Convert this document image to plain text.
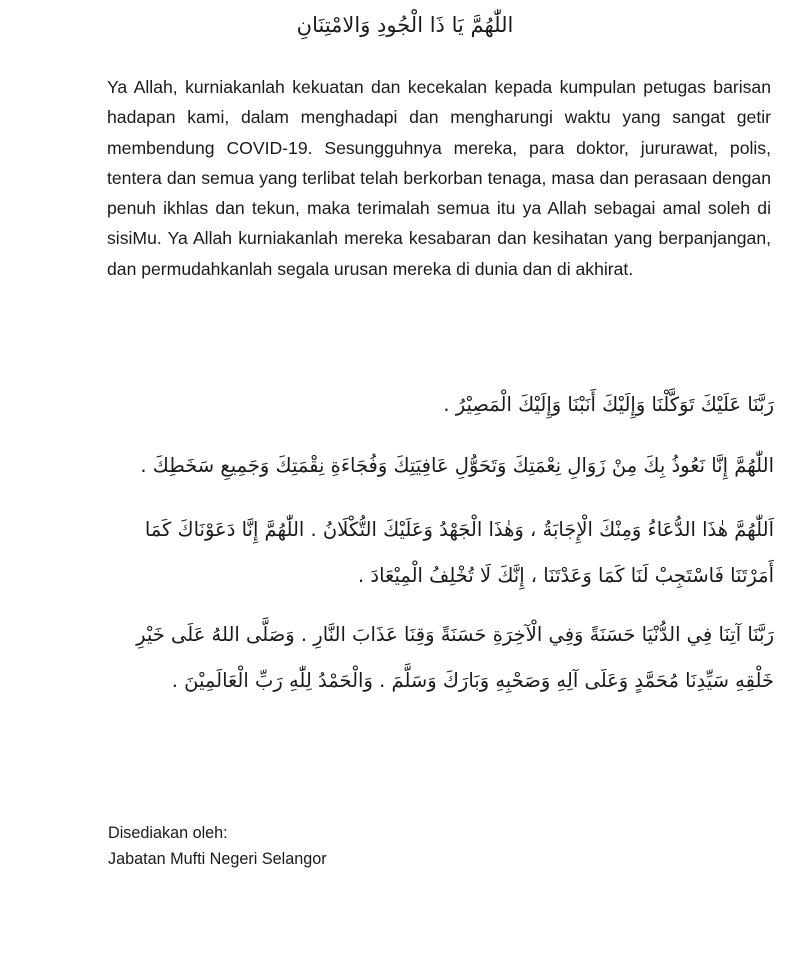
اللّٰهُمَّ يَا ذَا الْجُودِ وَالامْتِنَانِ

Ya Allah, kurniakanlah kekuatan dan kecekalan kepada kumpulan petugas barisan hadapan kami, dalam menghadapi dan mengharungi waktu yang sangat getir membendung COVID-19. Sesungguhnya mereka, para doktor, jururawat, polis, tentera dan semua yang terlibat telah berkorban tenaga, masa dan perasaan dengan penuh ikhlas dan tekun, maka terimalah semua itu ya Allah sebagai amal soleh di sisiMu. Ya Allah kurniakanlah mereka kesabaran dan kesihatan yang berpanjangan, dan permudahkanlah segala urusan mereka di dunia dan di akhirat.

رَبَّنَا عَلَيْكَ تَوَكَّلْنَا وَإِلَيْكَ أَنَبْنَا وَإِلَيْكَ الْمَصِيْرُ .
اللّٰهُمَّ إِنَّا نَعُوذُ بِكَ مِنْ زَوَالِ نِعْمَتِكَ وَتَحَوُّلِ عَافِيَتِكَ وَفُجَاءَةِ نِقْمَتِكَ وَجَمِيعِ سَخَطِكَ .
اَللّٰهُمَّ هٰذَا الدُّعَاءُ وَمِنْكَ الْإِجَابَةُ ، وَهٰذَا الْجَهْدُ وَعَلَيْكَ التُّكْلَانُ . اللّٰهُمَّ إِنَّا دَعَوْنَاكَ كَمَا
أَمَرْتَنَا فَاسْتَجِبْ لَنَا كَمَا وَعَدْتَنَا ، إِنَّكَ لَا تُخْلِفُ الْمِيْعَادَ .
رَبَّنَا آتِنَا فِي الدُّنْيَا حَسَنَةً وَفِي الْآخِرَةِ حَسَنَةً وَقِنَا عَذَابَ النَّارِ . وَصَلَّى اللهُ عَلَى خَيْرِ
خَلْقِهِ سَيِّدِنَا مُحَمَّدٍ وَعَلَى آلِهِ وَصَحْبِهِ وَبَارَكَ وَسَلَّمَ . وَالْحَمْدُ لِلّٰهِ رَبِّ الْعَالَمِيْنَ .
Disediakan oleh:
Jabatan Mufti Negeri Selangor
